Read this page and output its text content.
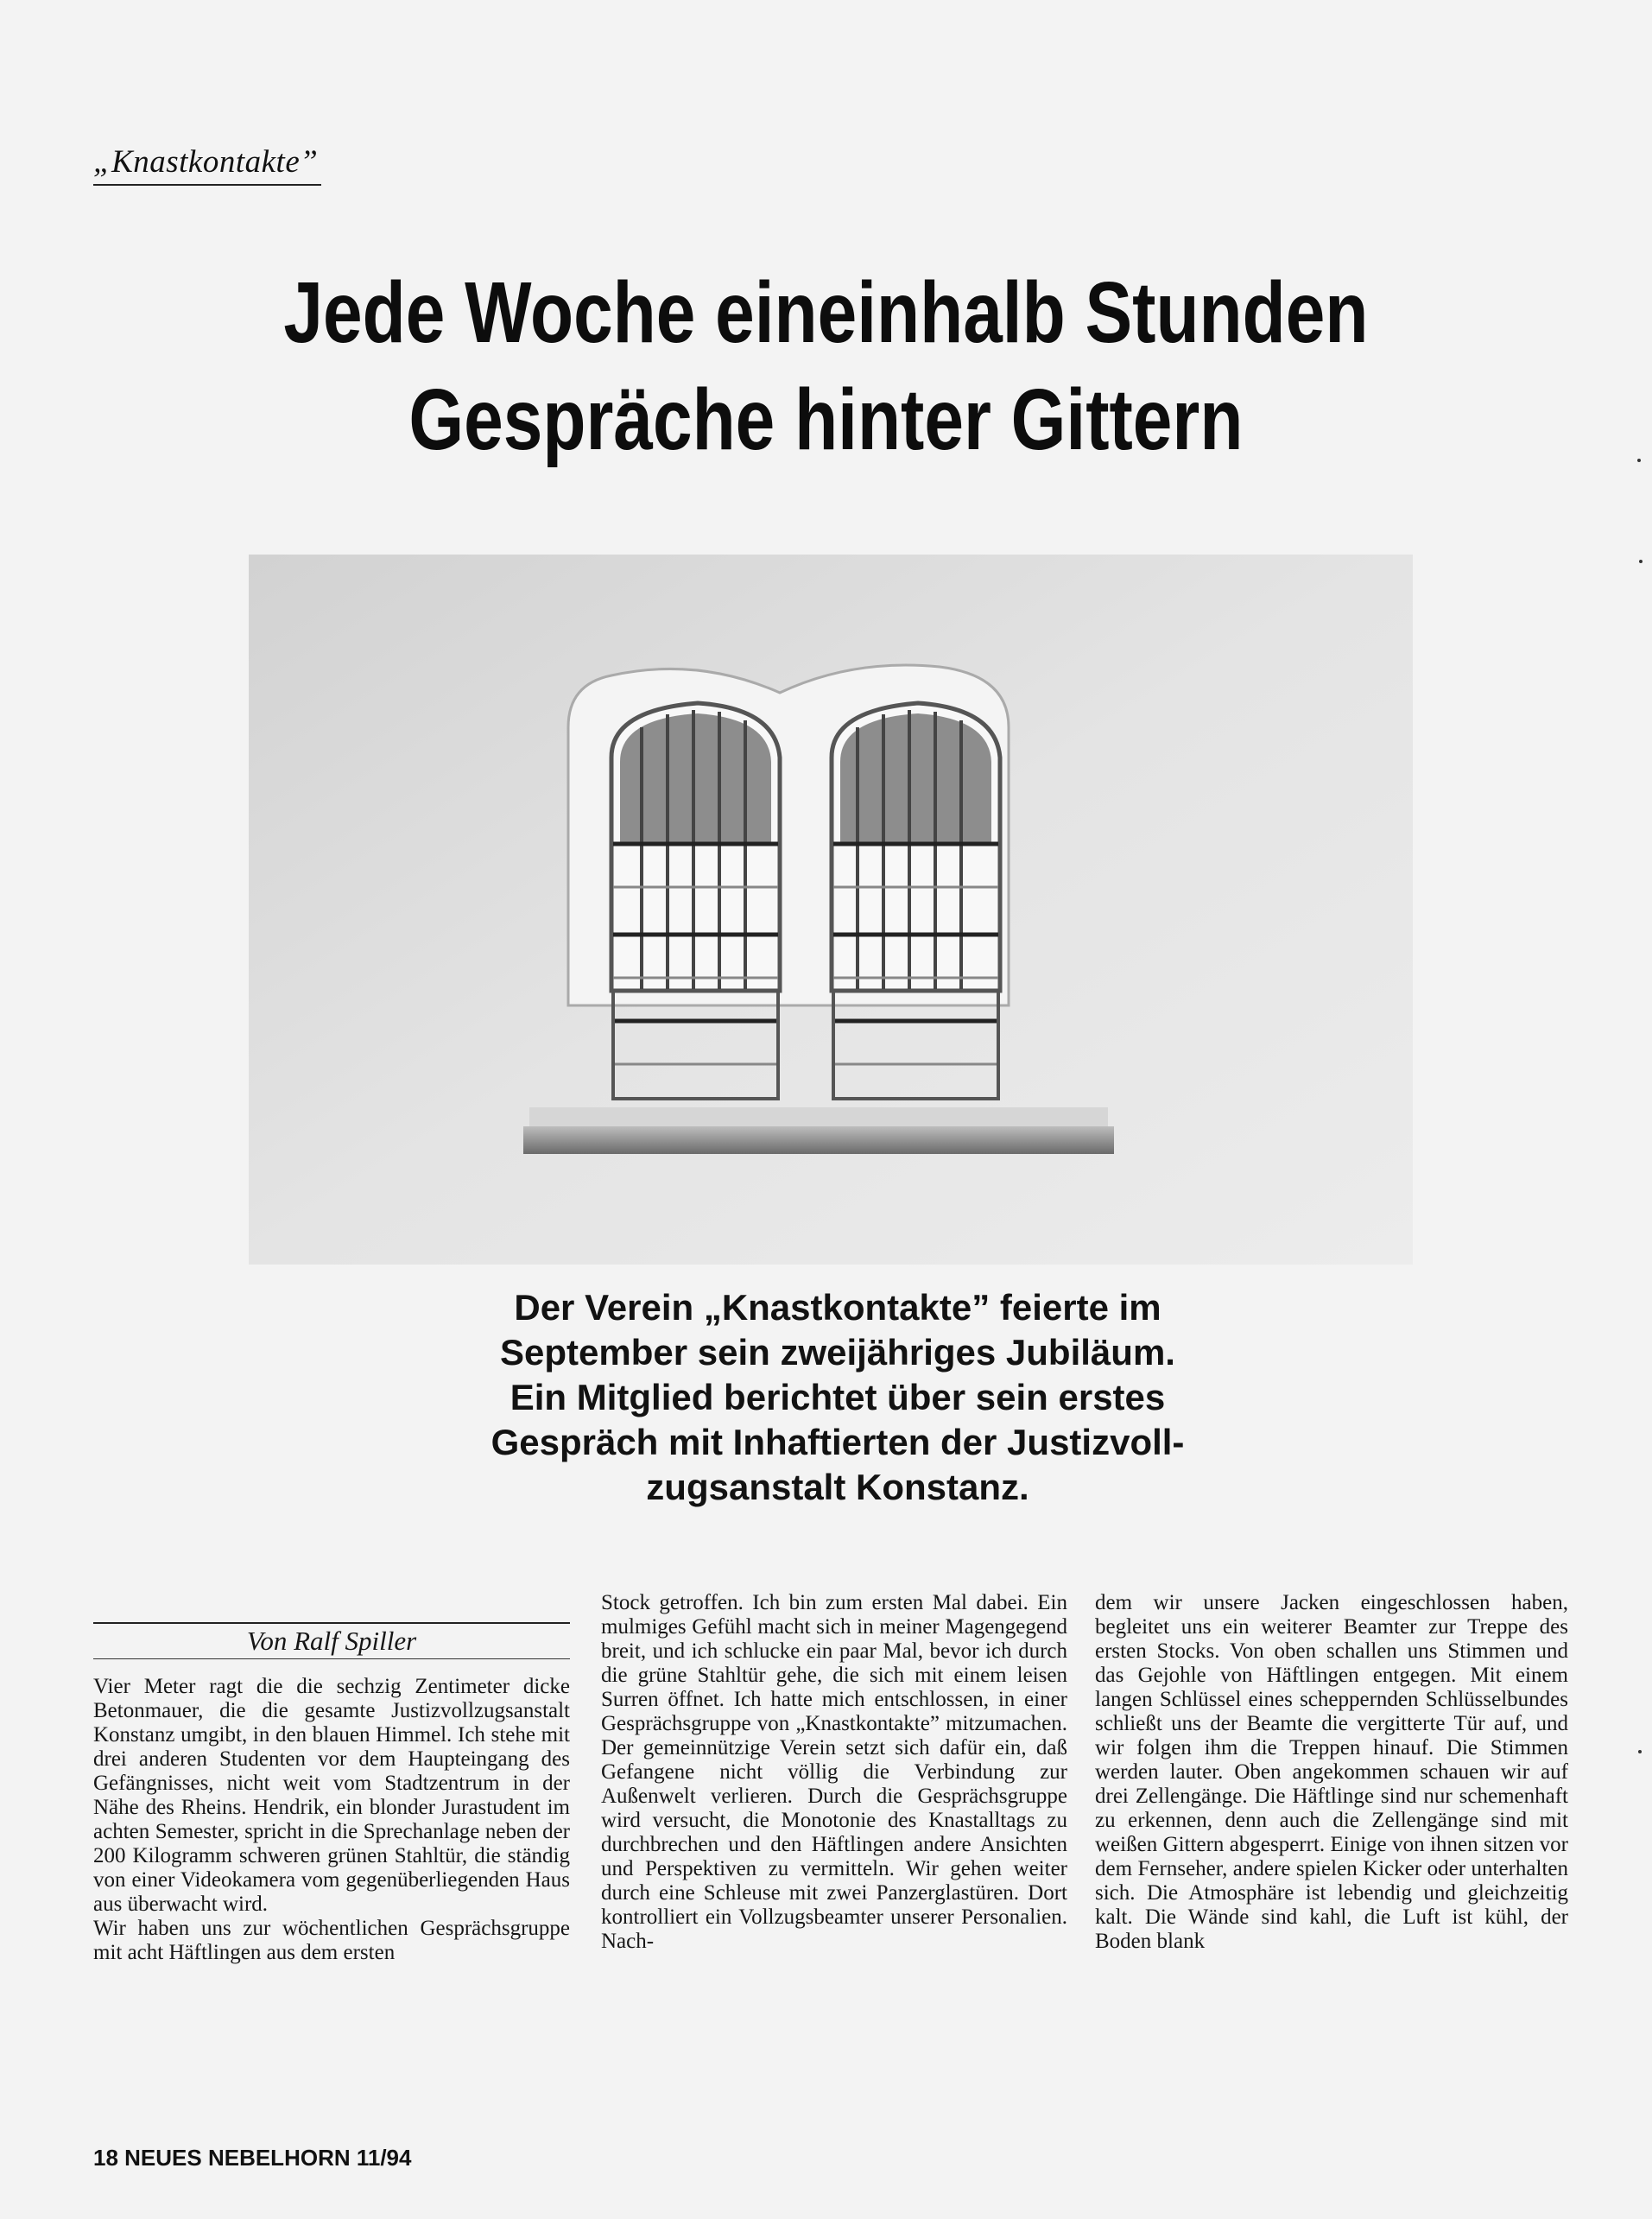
„Knastkontakte”
Jede Woche eineinhalb Stunden
Gespräche hinter Gittern
Der Verein „Knastkontakte” feierte im
September sein zweijähriges Jubiläum.
Ein Mitglied berichtet über sein erstes
Gespräch mit Inhaftierten der Justizvoll-
zugsanstalt Konstanz.
Von Ralf Spiller

Vier Meter ragt die die sechzig Zentimeter dicke Betonmauer, die die gesamte Justizvollzugsanstalt Konstanz umgibt, in den blauen Himmel. Ich stehe mit drei anderen Studenten vor dem Haupteingang des Gefängnisses, nicht weit vom Stadtzentrum in der Nähe des Rheins. Hendrik, ein blonder Jurastudent im achten Semester, spricht in die Sprechanlage neben der 200 Kilogramm schweren grünen Stahltür, die ständig von einer Videokamera vom gegenüberliegenden Haus aus überwacht wird.

Wir haben uns zur wöchentlichen Gesprächsgruppe mit acht Häftlingen aus dem ersten

Stock getroffen. Ich bin zum ersten Mal dabei. Ein mulmiges Gefühl macht sich in meiner Magengegend breit, und ich schlucke ein paar Mal, bevor ich durch die grüne Stahltür gehe, die sich mit einem leisen Surren öffnet. Ich hatte mich entschlossen, in einer Gesprächsgruppe von „Knastkontakte” mitzumachen. Der gemeinnützige Verein setzt sich dafür ein, daß Gefangene nicht völlig die Verbindung zur Außenwelt verlieren. Durch die Gesprächsgruppe wird versucht, die Monotonie des Knastalltags zu durchbrechen und den Häftlingen andere Ansichten und Perspektiven zu vermitteln. Wir gehen weiter durch eine Schleuse mit zwei Panzerglastüren. Dort kontrolliert ein Vollzugsbeamter unserer Personalien. Nach-

dem wir unsere Jacken eingeschlossen haben, begleitet uns ein weiterer Beamter zur Treppe des ersten Stocks. Von oben schallen uns Stimmen und das Gejohle von Häftlingen entgegen. Mit einem langen Schlüssel eines scheppernden Schlüsselbundes schließt uns der Beamte die vergitterte Tür auf, und wir folgen ihm die Treppen hinauf. Die Stimmen werden lauter. Oben angekommen schauen wir auf drei Zellengänge. Die Häftlinge sind nur schemenhaft zu erkennen, denn auch die Zellengänge sind mit weißen Gittern abgesperrt. Einige von ihnen sitzen vor dem Fernseher, andere spielen Kicker oder unterhalten sich. Die Atmosphäre ist lebendig und gleichzeitig kalt. Die Wände sind kahl, die Luft ist kühl, der Boden blank

18 NEUES NEBELHORN 11/94
